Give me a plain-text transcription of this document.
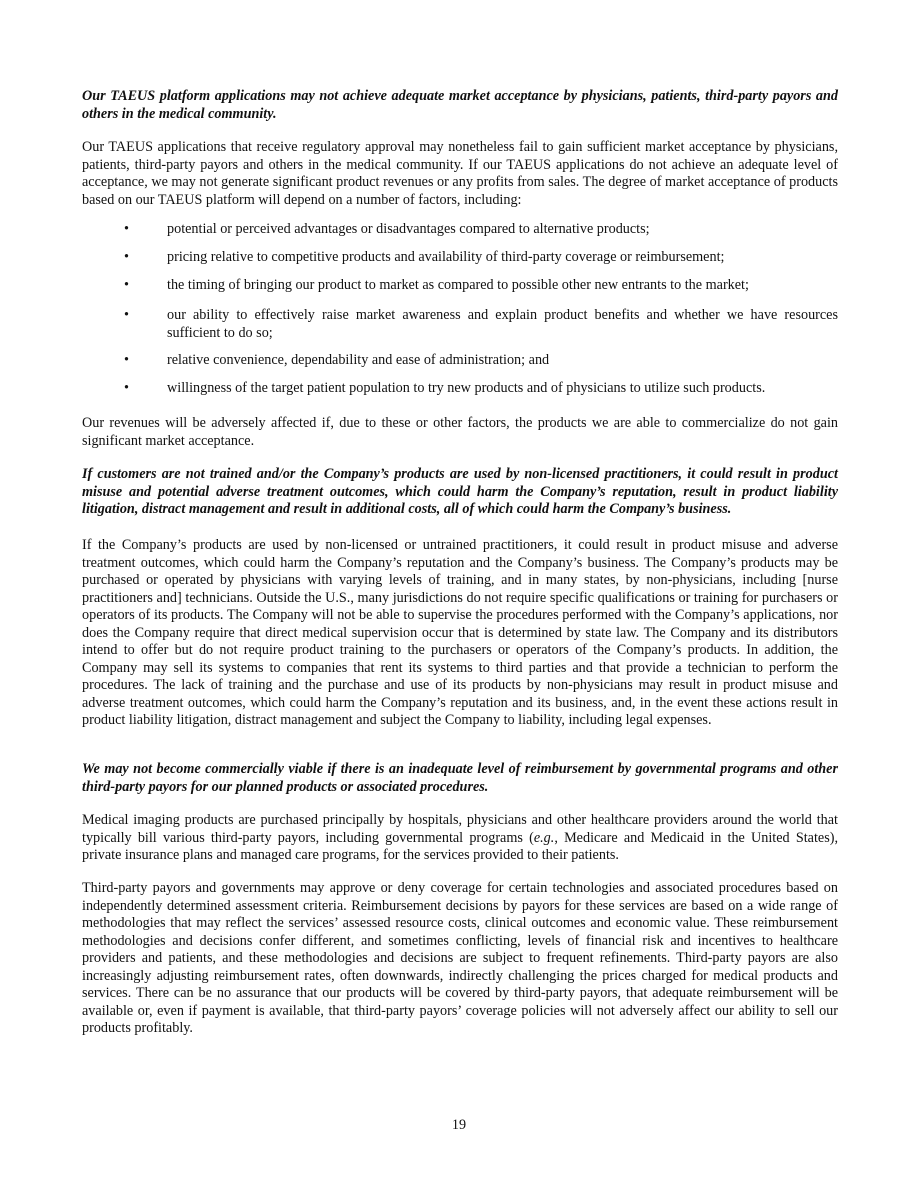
Our TAEUS platform applications may not achieve adequate market acceptance by physicians, patients, third-party payors and others in the medical community.

Our TAEUS applications that receive regulatory approval may nonetheless fail to gain sufficient market acceptance by physicians, patients, third-party payors and others in the medical community. If our TAEUS applications do not achieve an adequate level of acceptance, we may not generate significant product revenues or any profits from sales. The degree of market acceptance of products based on our TAEUS platform will depend on a number of factors, including:

•	potential or perceived advantages or disadvantages compared to alternative products;
•	pricing relative to competitive products and availability of third-party coverage or reimbursement;
•	the timing of bringing our product to market as compared to possible other new entrants to the market;
•	our ability to effectively raise market awareness and explain product benefits and whether we have resources sufficient to do so;
•	relative convenience, dependability and ease of administration; and
•	willingness of the target patient population to try new products and of physicians to utilize such products.

Our revenues will be adversely affected if, due to these or other factors, the products we are able to commercialize do not gain significant market acceptance.

If customers are not trained and/or the Company’s products are used by non-licensed practitioners, it could result in product misuse and potential adverse treatment outcomes, which could harm the Company’s reputation, result in product liability litigation, distract management and result in additional costs, all of which could harm the Company’s business.

If the Company’s products are used by non-licensed or untrained practitioners, it could result in product misuse and adverse treatment outcomes, which could harm the Company’s reputation and the Company’s business. The Company’s products may be purchased or operated by physicians with varying levels of training, and in many states, by non-physicians, including [nurse practitioners and] technicians. Outside the U.S., many jurisdictions do not require specific qualifications or training for purchasers or operators of its products. The Company will not be able to supervise the procedures performed with the Company’s applications, nor does the Company require that direct medical supervision occur that is determined by state law. The Company and its distributors intend to offer but do not require product training to the purchasers or operators of the Company’s products. In addition, the Company may sell its systems to companies that rent its systems to third parties and that provide a technician to perform the procedures. The lack of training and the purchase and use of its products by non-physicians may result in product misuse and adverse treatment outcomes, which could harm the Company’s reputation and its business, and, in the event these actions result in product liability litigation, distract management and subject the Company to liability, including legal expenses.

We may not become commercially viable if there is an inadequate level of reimbursement by governmental programs and other third-party payors for our planned products or associated procedures.

Medical imaging products are purchased principally by hospitals, physicians and other healthcare providers around the world that typically bill various third-party payors, including governmental programs (e.g., Medicare and Medicaid in the United States), private insurance plans and managed care programs, for the services provided to their patients.

Third-party payors and governments may approve or deny coverage for certain technologies and associated procedures based on independently determined assessment criteria. Reimbursement decisions by payors for these services are based on a wide range of methodologies that may reflect the services’ assessed resource costs, clinical outcomes and economic value. These reimbursement methodologies and decisions confer different, and sometimes conflicting, levels of financial risk and incentives to healthcare providers and patients, and these methodologies and decisions are subject to frequent refinements. Third-party payors are also increasingly adjusting reimbursement rates, often downwards, indirectly challenging the prices charged for medical products and services. There can be no assurance that our products will be covered by third-party payors, that adequate reimbursement will be available or, even if payment is available, that third-party payors’ coverage policies will not adversely affect our ability to sell our products profitably.

19
